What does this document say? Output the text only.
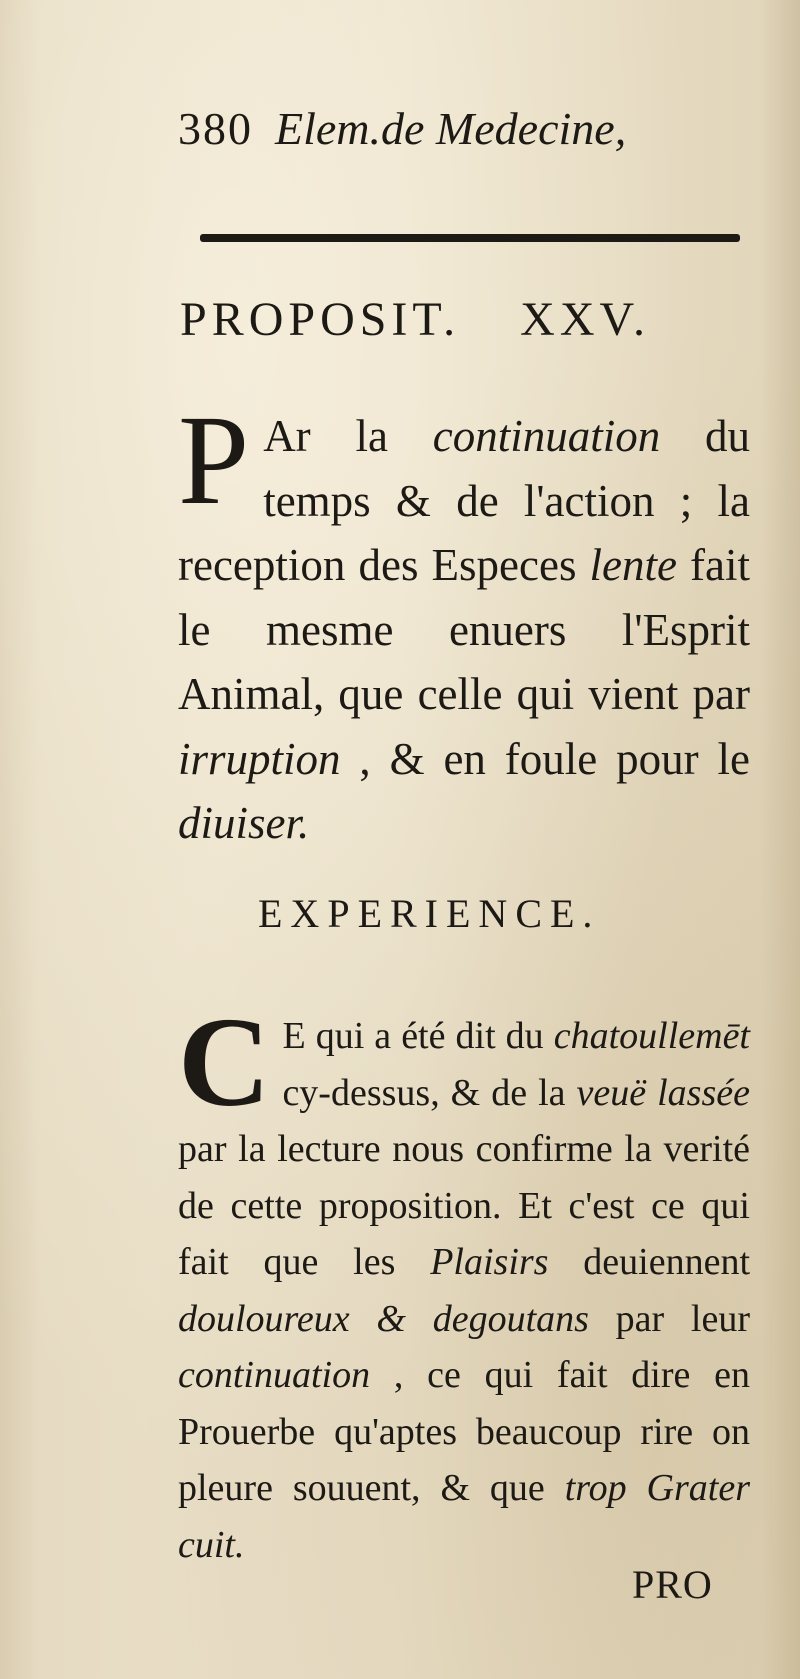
380 Elem.de Medecine,
PROPOSIT. XXV.
P Ar la continuation du temps & de l'action ; la reception des Especes lente fait le mesme enuers l'Esprit Animal, que celle qui vient par irruption , & en foule pour le diuiser.
EXPERIENCE.
C E qui a été dit du chatoullemēt cy-dessus, & de la veuë lassée par la lecture nous confirme la verité de cette proposition. Et c'est ce qui fait que les Plaisirs deuiennent douloureux & degoutans par leur continuation , ce qui fait dire en Prouerbe qu'aptes beaucoup rire on pleure souuent, & que trop Grater cuit.
PRO
